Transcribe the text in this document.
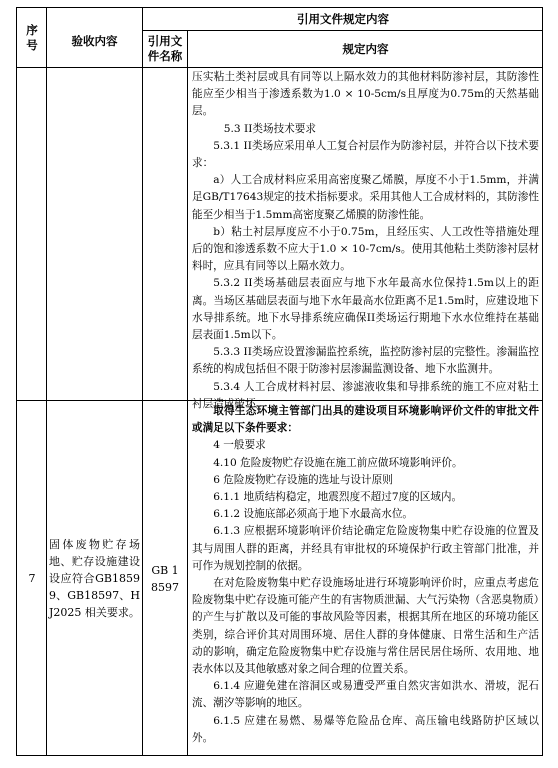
序号	验收内容
引用文件规定内容
引用文件名称
规定内容

压实粘土类衬层或具有同等以上隔水效力的其他材料防渗衬层，其防渗性能应至少相当于渗透系数为1.0 × 10-5cm/s且厚度为0.75m的天然基础层。

5.3 II类场技术要求

5.3.1 II类场应采用单人工复合衬层作为防渗衬层，并符合以下技术要求：

a）人工合成材料应采用高密度聚乙烯膜，厚度不小于1.5mm，并满足GB/T17643规定的技术指标要求。采用其他人工合成材料的，其防渗性能至少相当于1.5mm高密度聚乙烯膜的防渗性能。

b）粘土衬层厚度应不小于0.75m，且经压实、人工改性等措施处理后的饱和渗透系数不应大于1.0 × 10-7cm/s。使用其他粘土类防渗衬层材料时，应具有同等以上隔水效力。

5.3.2 II类场基础层表面应与地下水年最高水位保持1.5m以上的距离。当场区基础层表面与地下水年最高水位距离不足1.5m时，应建设地下水导排系统。地下水导排系统应确保II类场运行期地下水水位维持在基础层表面1.5m以下。

5.3.3 II类场应设置渗漏监控系统，监控防渗衬层的完整性。渗漏监控系统的构成包括但不限于防渗衬层渗漏监测设备、地下水监测井。

5.3.4 人工合成材料衬层、渗滤液收集和导排系统的施工不应对粘土衬层造成破坏。

7
固体废物贮存场地、贮存设施建设设应符合GB18599、GB18597、HJ2025 相关要求。
GB 18597

取得生态环境主管部门出具的建设项目环境影响评价文件的审批文件或满足以下条件要求：

4 一般要求

4.10 危险废物贮存设施在施工前应做环境影响评价。

6 危险废物贮存设施的选址与设计原则

6.1.1 地质结构稳定，地震烈度不超过7度的区域内。

6.1.2 设施底部必须高于地下水最高水位。

6.1.3 应根据环境影响评价结论确定危险废物集中贮存设施的位置及其与周围人群的距离，并经具有审批权的环境保护行政主管部门批准，并可作为规划控制的依据。

在对危险废物集中贮存设施场址进行环境影响评价时，应重点考虑危险废物集中贮存设施可能产生的有害物质泄漏、大气污染物（含恶臭物质）的产生与扩散以及可能的事故风险等因素，根据其所在地区的环境功能区类别，综合评价其对周围环境、居住人群的身体健康、日常生活和生产活动的影响，确定危险废物集中贮存设施与常住居民居住场所、农用地、地表水体以及其他敏感对象之间合理的位置关系。

6.1.4 应避免建在溶洞区或易遭受严重自然灾害如洪水、滑坡，泥石流、潮汐等影响的地区。

6.1.5 应建在易燃、易爆等危险品仓库、高压输电线路防护区域以外。
